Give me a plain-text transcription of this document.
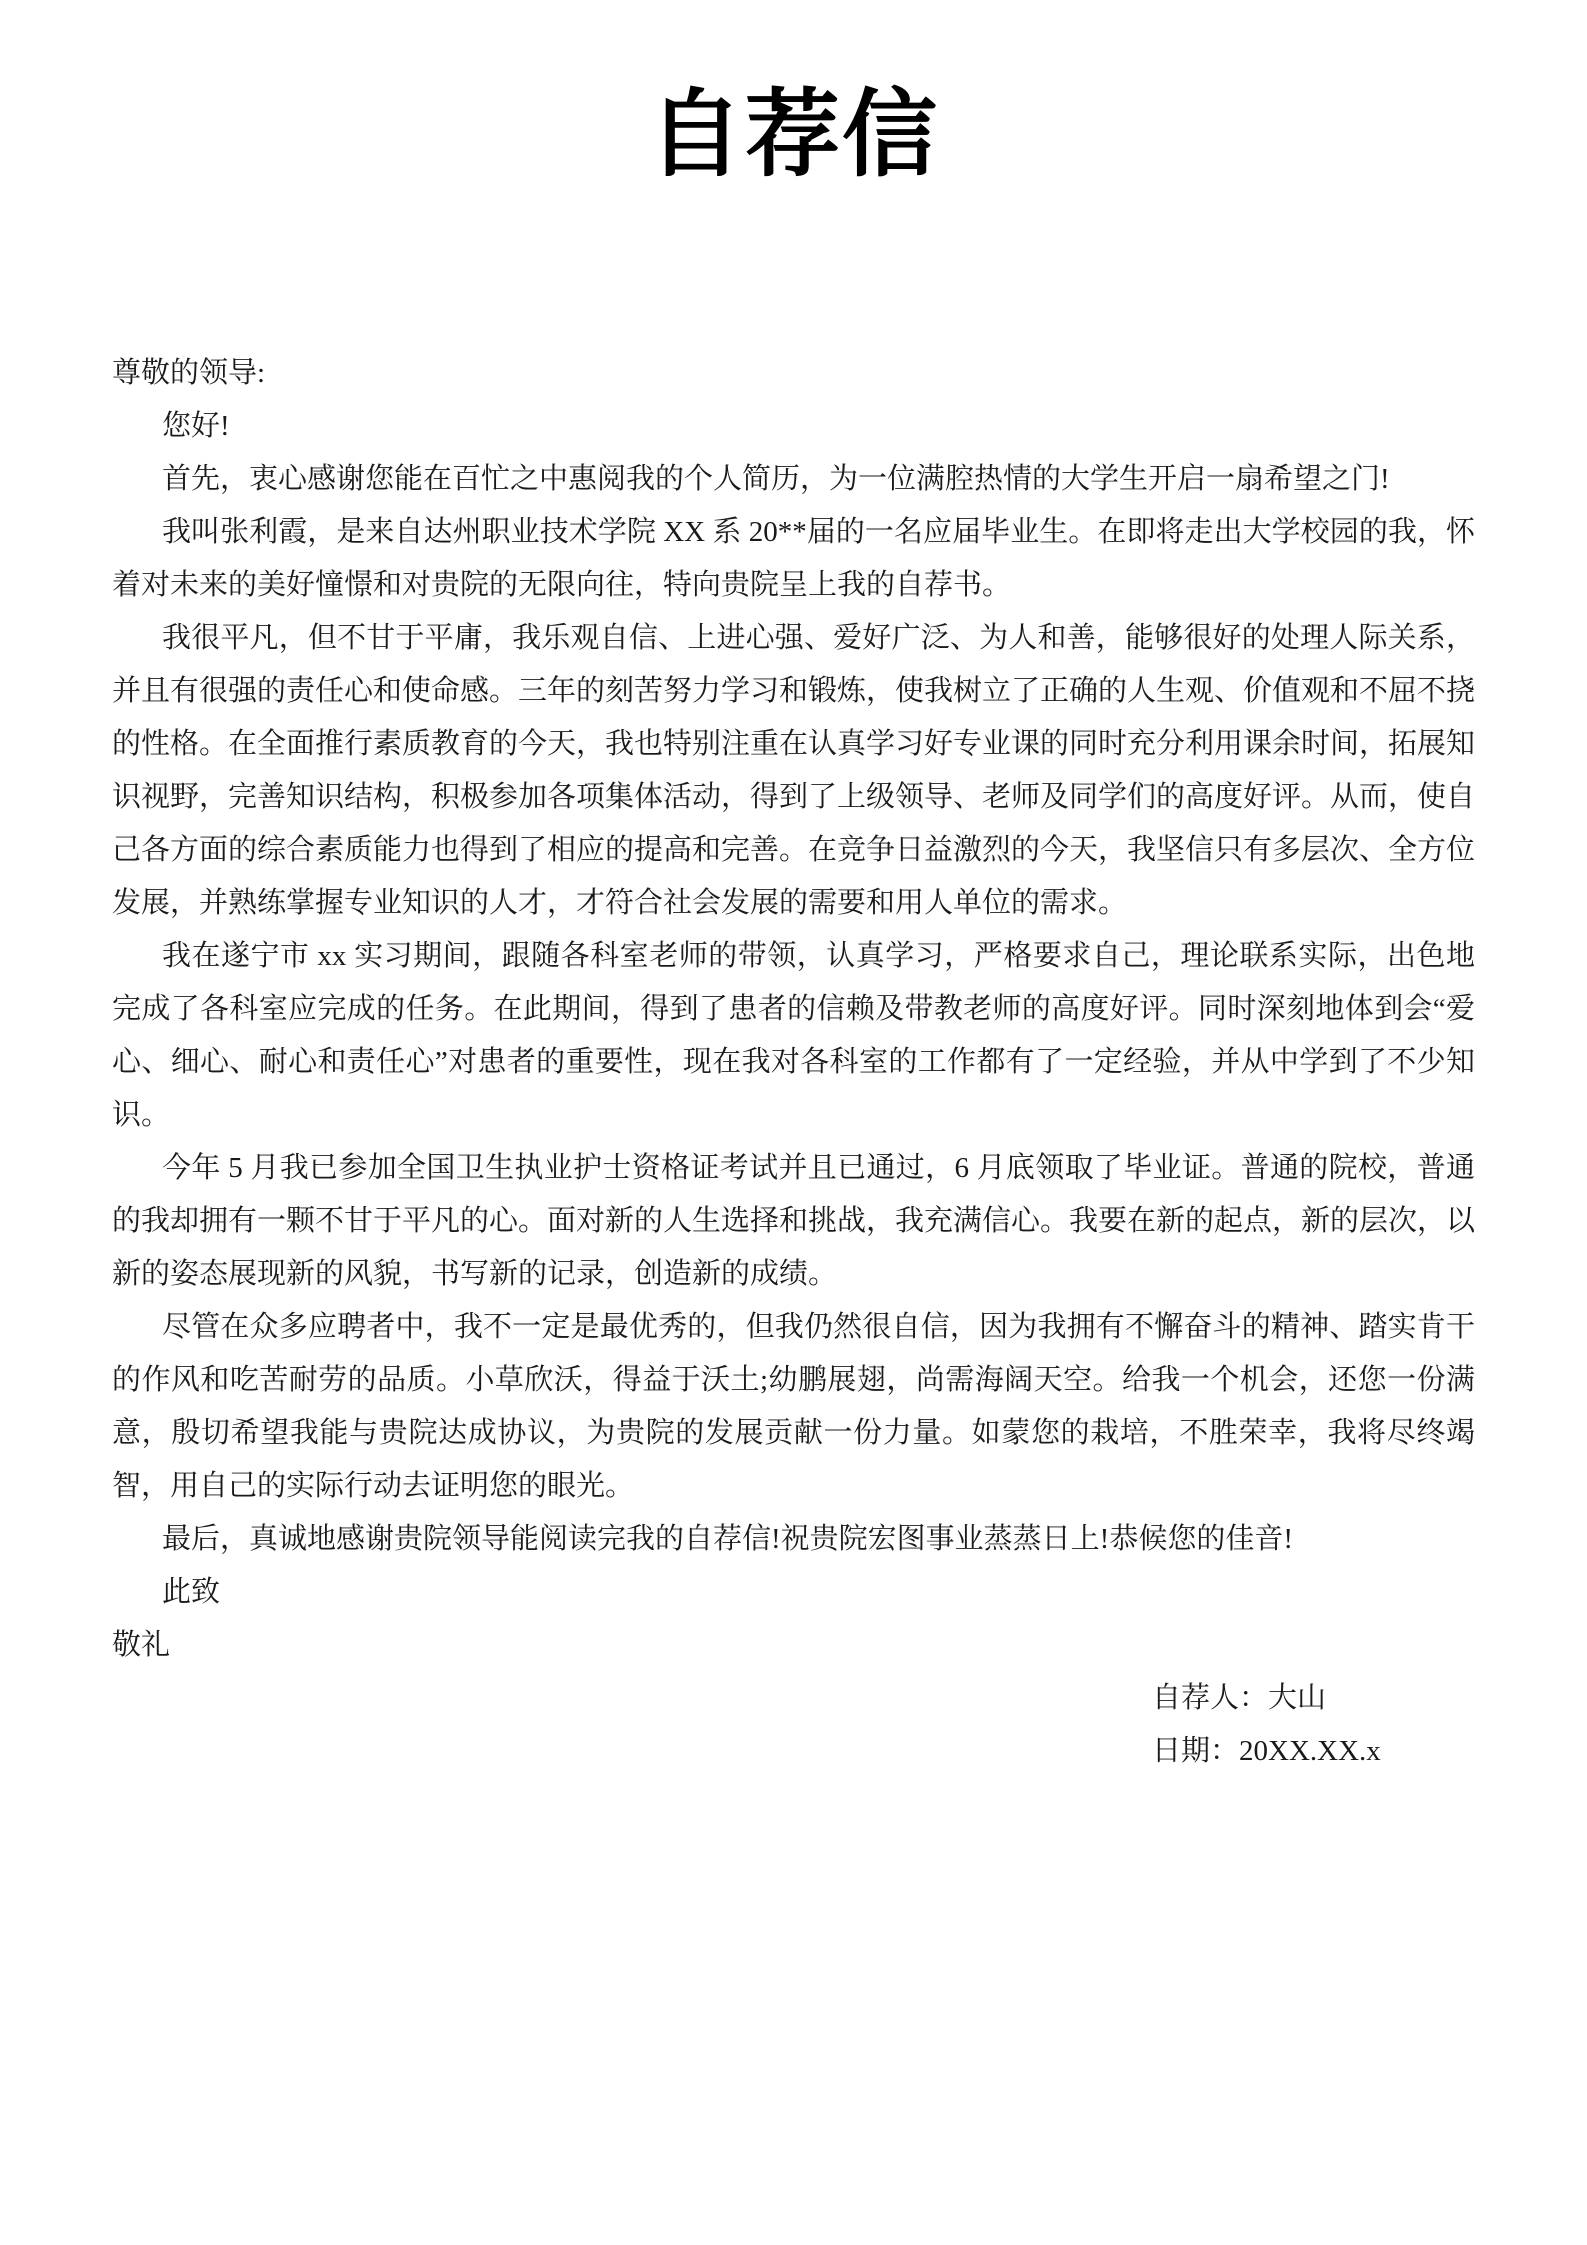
自荐信

尊敬的领导:

您好!

首先，衷心感谢您能在百忙之中惠阅我的个人简历，为一位满腔热情的大学生开启一扇希望之门!

我叫张利霞，是来自达州职业技术学院 XX 系 20**届的一名应届毕业生。在即将走出大学校园的我，怀着对未来的美好憧憬和对贵院的无限向往，特向贵院呈上我的自荐书。

我很平凡，但不甘于平庸，我乐观自信、上进心强、爱好广泛、为人和善，能够很好的处理人际关系，并且有很强的责任心和使命感。三年的刻苦努力学习和锻炼，使我树立了正确的人生观、价值观和不屈不挠的性格。在全面推行素质教育的今天，我也特别注重在认真学习好专业课的同时充分利用课余时间，拓展知识视野，完善知识结构，积极参加各项集体活动，得到了上级领导、老师及同学们的高度好评。从而，使自己各方面的综合素质能力也得到了相应的提高和完善。在竞争日益激烈的今天，我坚信只有多层次、全方位发展，并熟练掌握专业知识的人才，才符合社会发展的需要和用人单位的需求。

我在遂宁市 xx 实习期间，跟随各科室老师的带领，认真学习，严格要求自己，理论联系实际，出色地完成了各科室应完成的任务。在此期间，得到了患者的信赖及带教老师的高度好评。同时深刻地体到会“爱心、细心、耐心和责任心”对患者的重要性，现在我对各科室的工作都有了一定经验，并从中学到了不少知识。

今年 5 月我已参加全国卫生执业护士资格证考试并且已通过，6 月底领取了毕业证。普通的院校，普通的我却拥有一颗不甘于平凡的心。面对新的人生选择和挑战，我充满信心。我要在新的起点，新的层次，以新的姿态展现新的风貌，书写新的记录，创造新的成绩。

尽管在众多应聘者中，我不一定是最优秀的，但我仍然很自信，因为我拥有不懈奋斗的精神、踏实肯干的作风和吃苦耐劳的品质。小草欣沃，得益于沃土;幼鹏展翅，尚需海阔天空。给我一个机会，还您一份满意，殷切希望我能与贵院达成协议，为贵院的发展贡献一份力量。如蒙您的栽培，不胜荣幸，我将尽终竭智，用自己的实际行动去证明您的眼光。

最后，真诚地感谢贵院领导能阅读完我的自荐信!祝贵院宏图事业蒸蒸日上!恭候您的佳音!

此致

敬礼

自荐人：大山

日期：20XX.XX.x
